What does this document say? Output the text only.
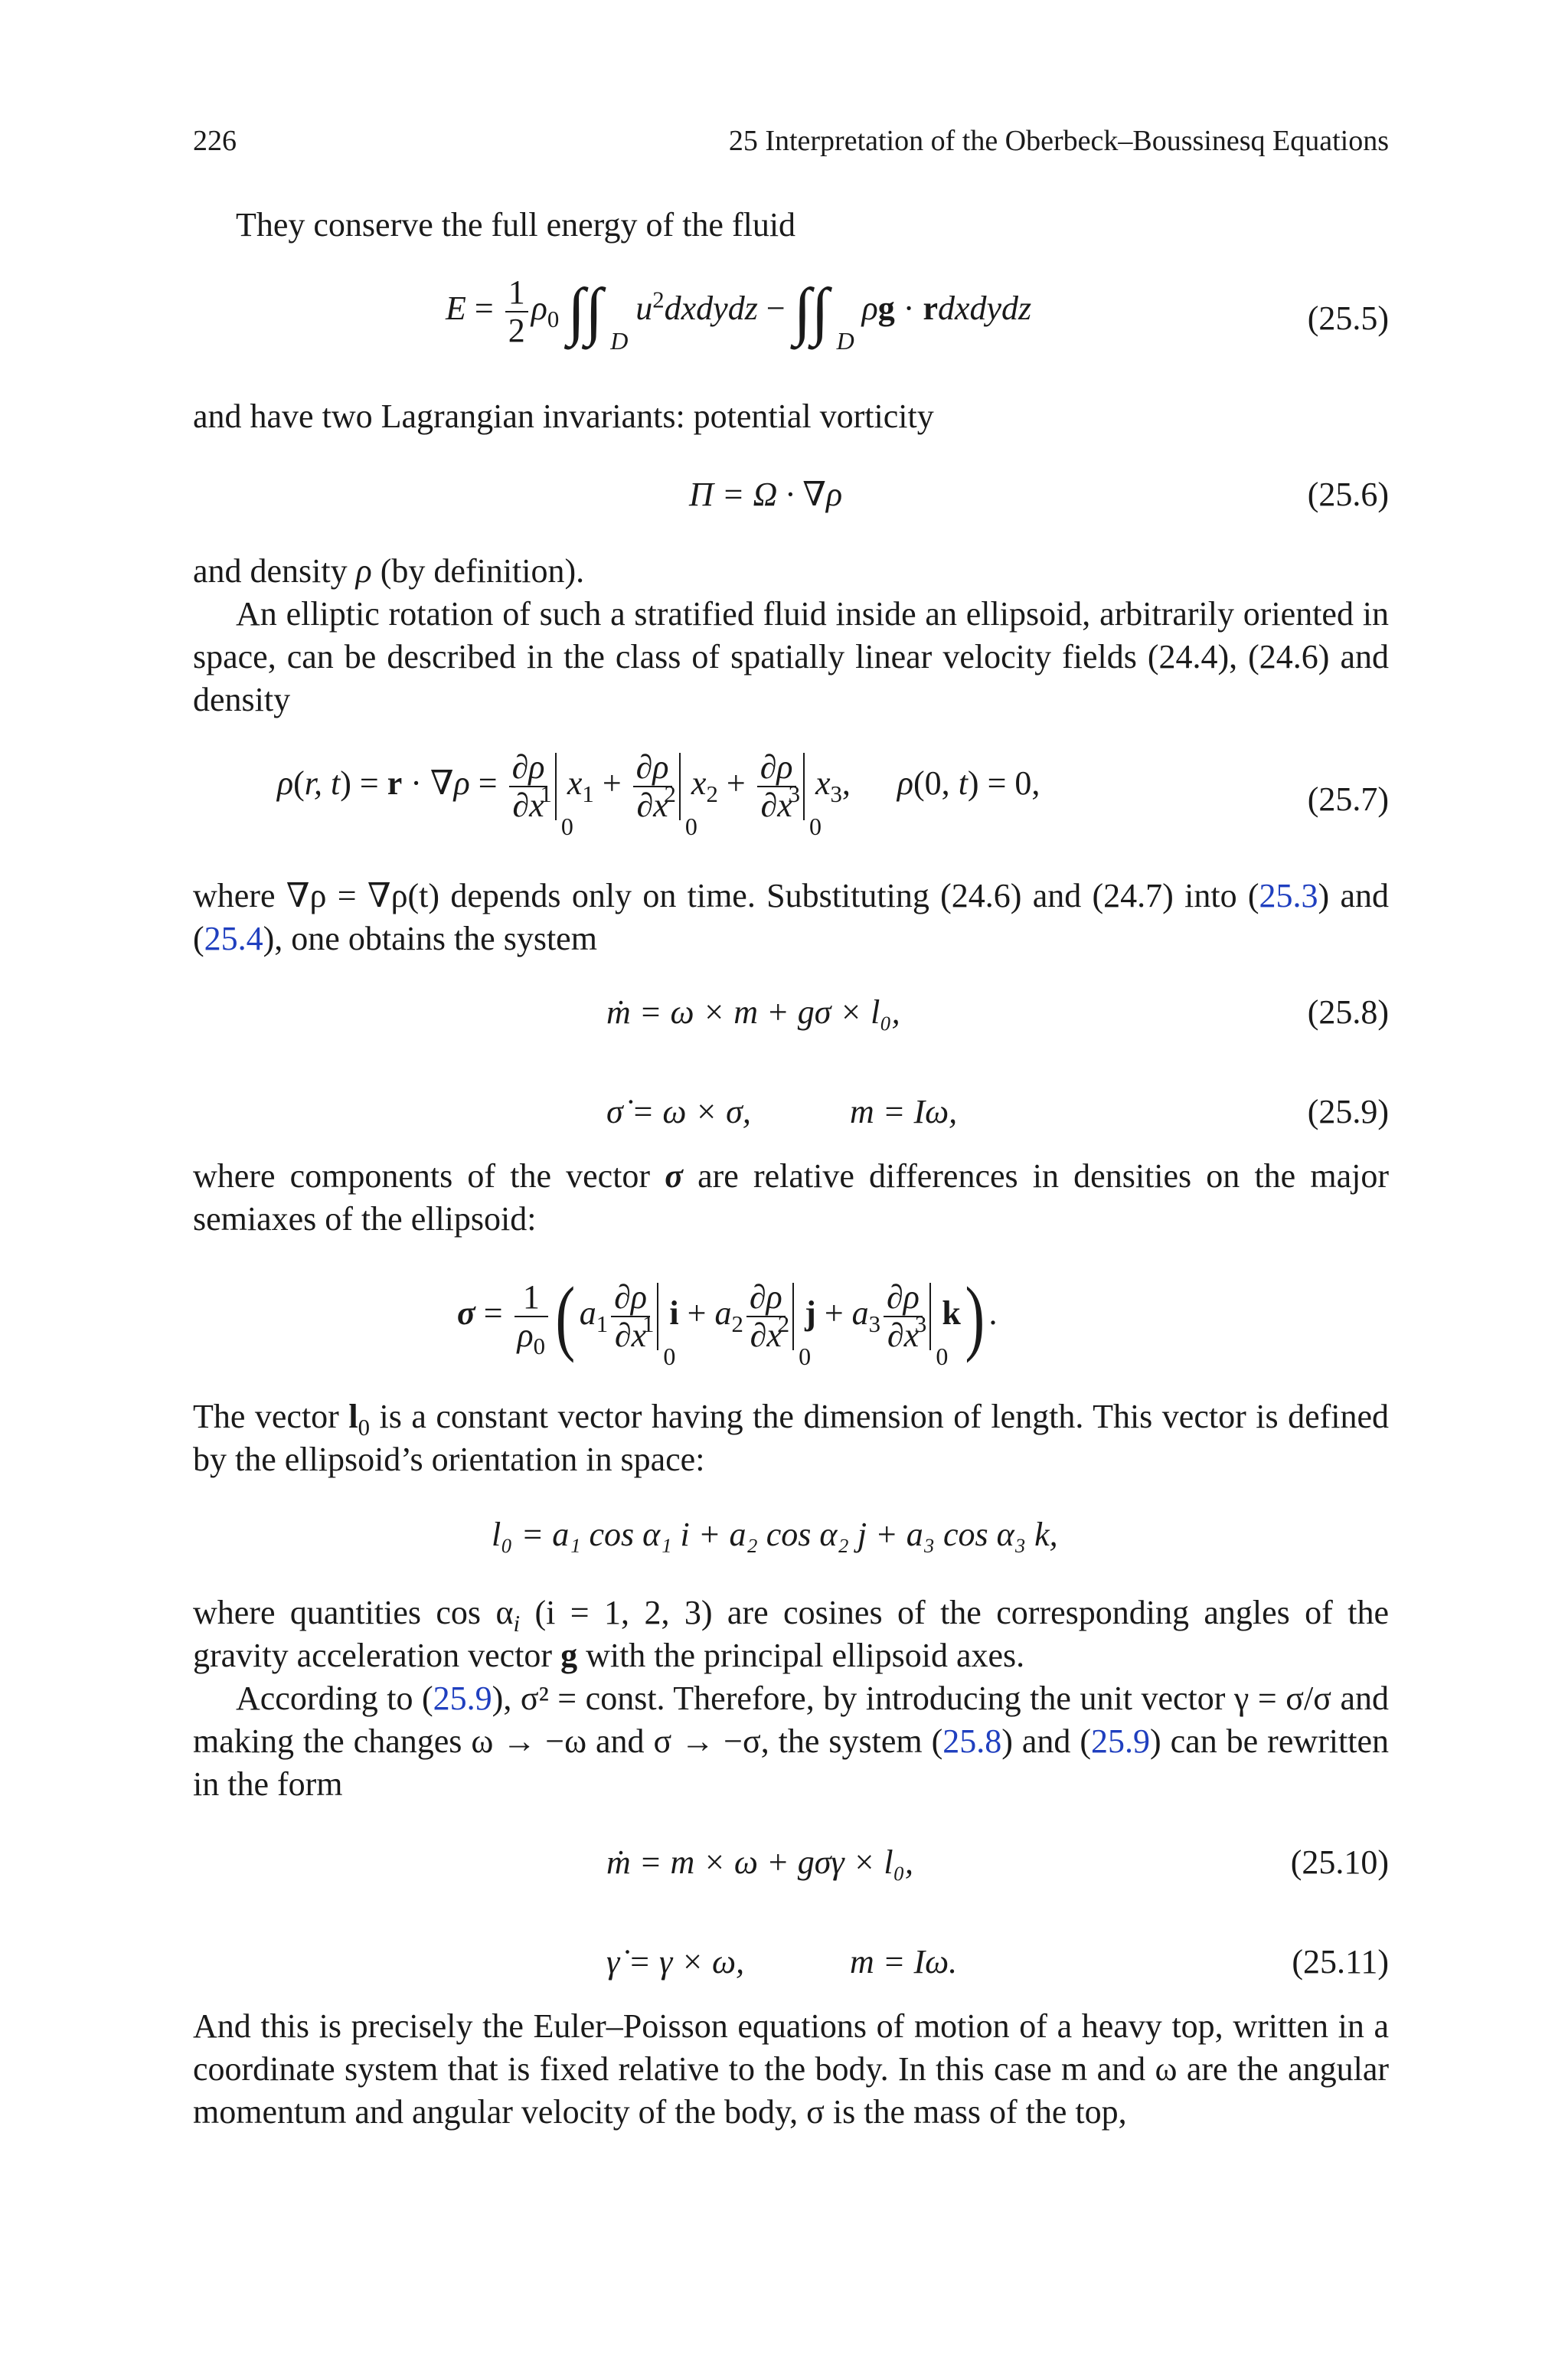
226	25 Interpretation of the Oberbeck–Boussinesq Equations

They conserve the full energy of the fluid

$E = \frac{1}{2} \rho_0$ ∫∫ D
$u^2dxdydz$ − ∫∫ D
ρg · rdxdydz	(25.5)

and have two Lagrangian invariants: potential vorticity

Π = Ω · ∇ρ	(25.6)

and density ρ (by definition).

An elliptic rotation of such a stratified fluid inside an ellipsoid, arbitrarily oriented in space, can be described in the class of spatially linear velocity fields (24.4), (24.6) and density

ρ(r, $t) = r \cdot \nabla\rho = \frac{\partial\rho}{\partial x}$
$_1$
0
$x_1 + \frac{\partial\rho}{\partial x}$
$_2$
0
$x_2 + \frac{\partial\rho}{\partial x}$
$_3$
0
$x_3$, ρ(0, t) = 0,	(25.7)

where ∇ρ = ∇ρ(t) depends only on time. Substituting (24.6) and (24.7) into (25.3) and (25.4), one obtains the system

ṁ = ω × m + gσ × l₀,	(25.8)
σ̇ = ω × σ,	m = Iω,	(25.9)

where components of the vector σ are relative differences in densities on the major semiaxes of the ellipsoid:

$\sigma = \frac{1}{\rho_0}$ ( $a_1 \frac{\partial\rho}{\partial x}$
$_1$
0
$i + a_2 \frac{\partial\rho}{\partial x}$
$_2$
0
$j + a_3 \frac{\partial\rho}{\partial x}$
$_3$
0
k) .

The vector $l_0$ is a constant vector having the dimension of length. This vector is defined by the ellipsoid’s orientation in space:

l₀ = a₁ cos α₁ i + a₂ cos α₂ j + a₃ cos α₃ k,

where quantities $\cos \alpha_i$ (i = 1, 2, 3) are cosines of the corresponding angles of the gravity acceleration vector g with the principal ellipsoid axes.

According to (25.9), σ² = const. Therefore, by introducing the unit vector γ = σ/σ and making the changes ω → −ω and σ → −σ, the system (25.8) and (25.9) can be rewritten in the form

ṁ = m × ω + gσγ × l₀,	(25.10)
γ̇ = γ × ω,	m = Iω.	(25.11)

And this is precisely the Euler–Poisson equations of motion of a heavy top, written in a coordinate system that is fixed relative to the body. In this case m and ω are the angular momentum and angular velocity of the body, σ is the mass of the top,
